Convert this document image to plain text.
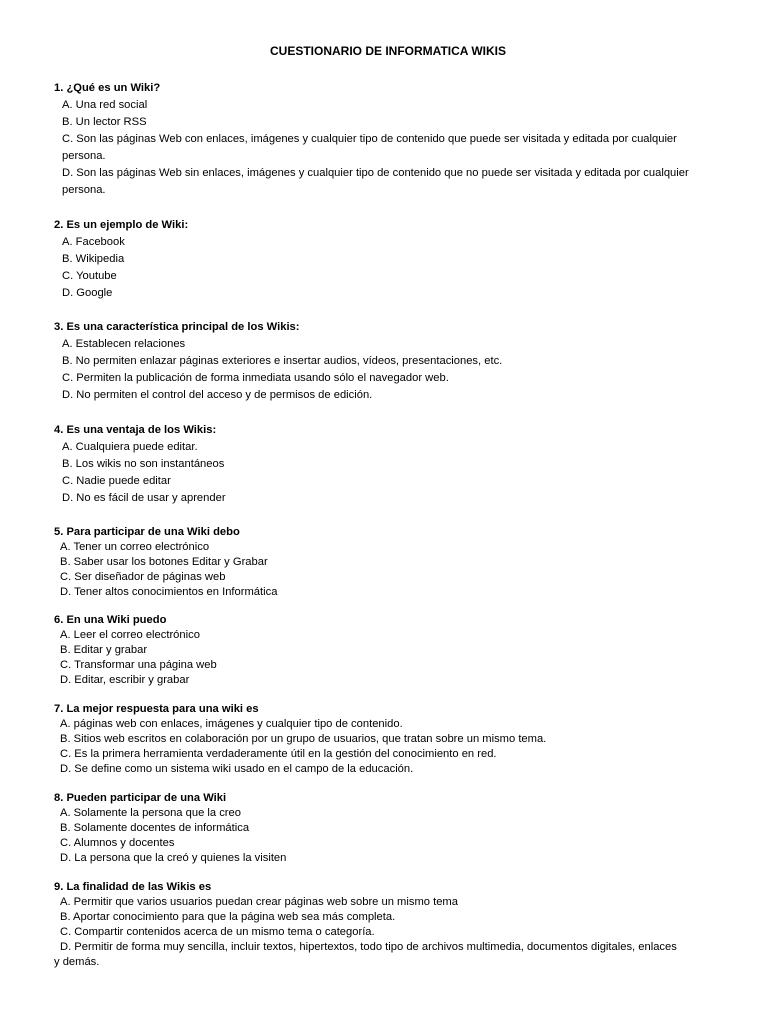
CUESTIONARIO DE INFORMATICA WIKIS

1. ¿Qué es un Wiki?

A. Una red social

B. Un lector RSS

C. Son las páginas Web con enlaces, imágenes y cualquier tipo de contenido que puede ser visitada y editada por cualquier

persona.

D. Son las páginas Web sin enlaces, imágenes y cualquier tipo de contenido que no puede ser visitada y editada por cualquier

persona.

2. Es un ejemplo de Wiki:

A. Facebook

B. Wikipedia

C. Youtube

D. Google

3. Es una característica principal de los Wikis:

A. Establecen relaciones

B. No permiten enlazar páginas exteriores e insertar audios, vídeos, presentaciones, etc.

C. Permiten la publicación de forma inmediata usando sólo el navegador web.

D. No permiten el control del acceso y de permisos de edición.

4. Es una ventaja de los Wikis:

A. Cualquiera puede editar.

B. Los wikis no son instantáneos

C. Nadie puede editar

D. No es fácil de usar y aprender

5. Para participar de una Wiki debo

A. Tener un correo electrónico

B. Saber usar los botones Editar y Grabar

C. Ser diseñador de páginas web

D. Tener altos conocimientos en Informática

6. En una Wiki puedo

A. Leer el correo electrónico

B. Editar y grabar

C. Transformar una página web

D. Editar, escribir y grabar

7. La mejor respuesta para una wiki es

A. páginas web con enlaces, imágenes y cualquier tipo de contenido.

B. Sitios web escritos en colaboración por un grupo de usuarios, que tratan sobre un mismo tema.

C. Es la primera herramienta verdaderamente útil en la gestión del conocimiento en red.

D. Se define como un sistema wiki usado en el campo de la educación.

8. Pueden participar de una Wiki

A. Solamente la persona que la creo

B. Solamente docentes de informática

C. Alumnos y docentes

D. La persona que la creó y quienes la visiten

9. La finalidad de las Wikis es

A. Permitir que varios usuarios puedan crear páginas web sobre un mismo tema

B. Aportar conocimiento para que la página web sea más completa.

C. Compartir contenidos acerca de un mismo tema o categoría.

D. Permitir de forma muy sencilla, incluir textos, hipertextos, todo tipo de archivos multimedia, documentos digitales, enlaces

y demás.
